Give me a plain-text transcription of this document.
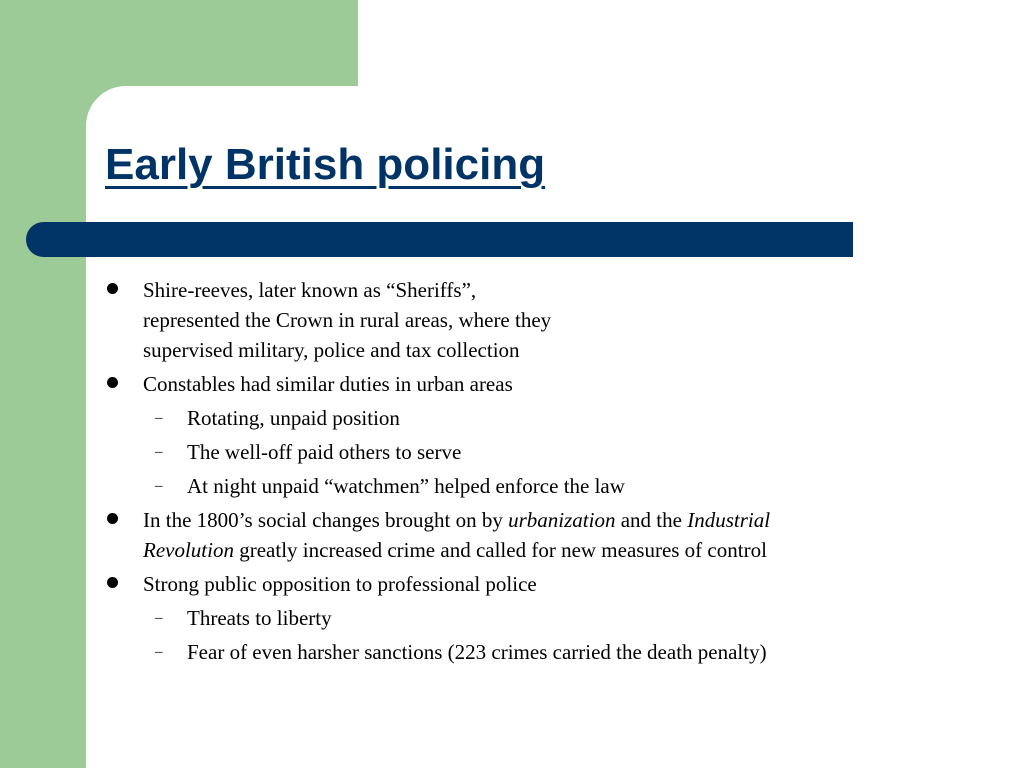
Early British policing
Shire-reeves, later known as “Sheriffs”,
represented the Crown in rural areas, where they
supervised military, police and tax collection
Constables had similar duties in urban areas
– Rotating, unpaid position
– The well-off paid others to serve
– At night unpaid “watchmen” helped enforce the law
In the 1800’s social changes brought on by urbanization and the Industrial
Revolution greatly increased crime and called for new measures of control
Strong public opposition to professional police
– Threats to liberty
– Fear of even harsher sanctions (223 crimes carried the death penalty)
